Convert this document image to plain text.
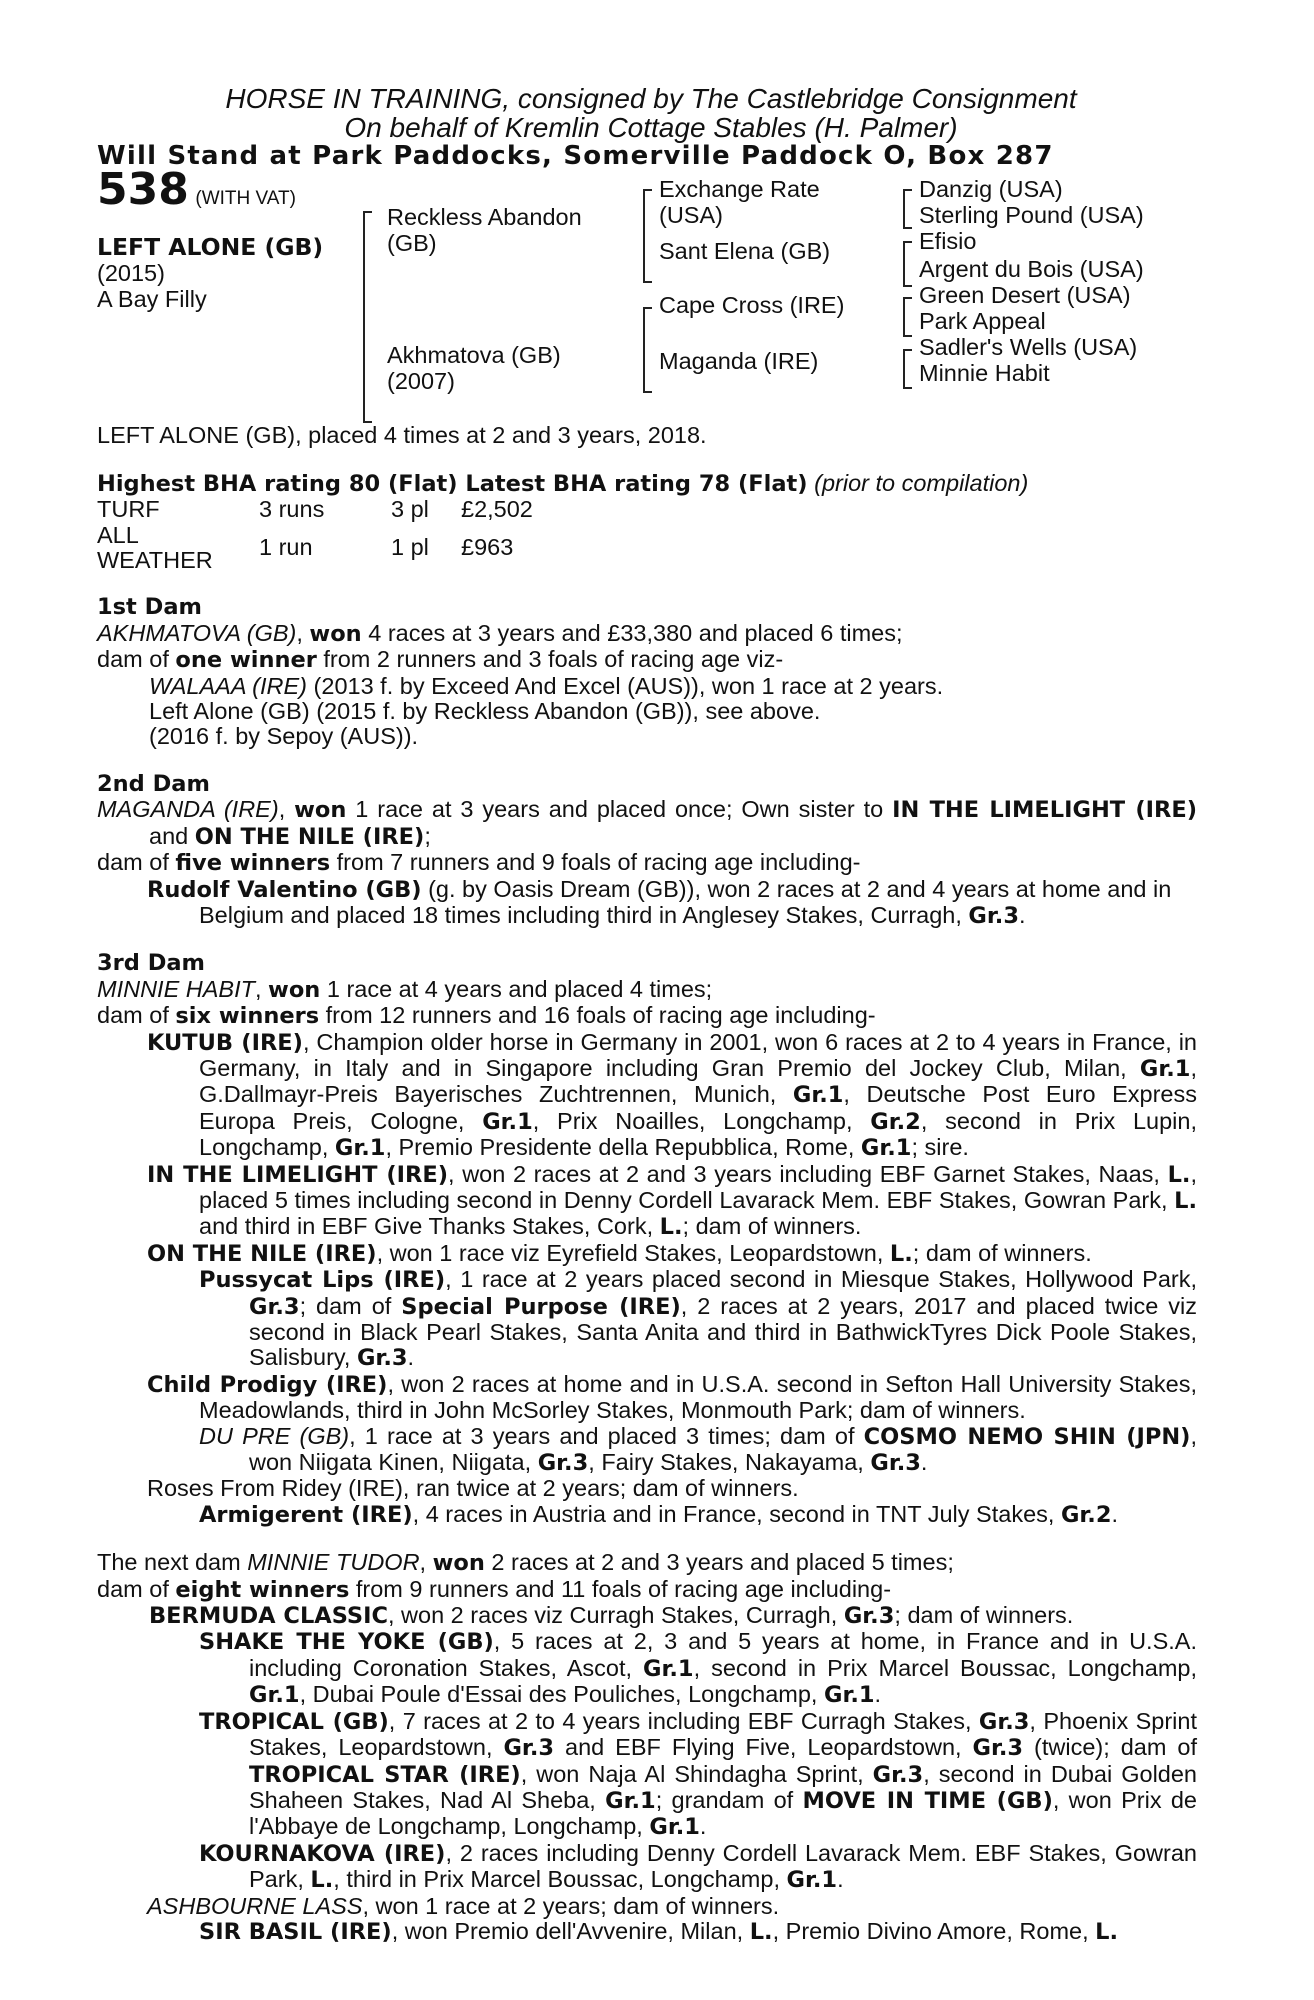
HORSE IN TRAINING, consigned by The Castlebridge Consignment
On behalf of Kremlin Cottage Stables (H. Palmer)
Will Stand at Park Paddocks, Somerville Paddock O, Box 287
538 (WITH VAT)
LEFT ALONE (GB)
(2015)
A Bay Filly
Reckless Abandon
(GB)
Akhmatova (GB)
(2007)
Exchange Rate
(USA)
Sant Elena (GB)
Cape Cross (IRE)
Maganda (IRE)
Danzig (USA)
Sterling Pound (USA)
Efisio
Argent du Bois (USA)
Green Desert (USA)
Park Appeal
Sadler's Wells (USA)
Minnie Habit
LEFT ALONE (GB), placed 4 times at 2 and 3 years, 2018.
Highest BHA rating 80 (Flat) Latest BHA rating 78 (Flat) (prior to compilation)
TURF	3 runs	3 pl	£2,502
ALL WEATHER	1 run	1 pl	£963
1st Dam
AKHMATOVA (GB), won 4 races at 3 years and £33,380 and placed 6 times;
dam of one winner from 2 runners and 3 foals of racing age viz-
WALAAA (IRE) (2013 f. by Exceed And Excel (AUS)), won 1 race at 2 years.
Left Alone (GB) (2015 f. by Reckless Abandon (GB)), see above.
(2016 f. by Sepoy (AUS)).
2nd Dam
MAGANDA (IRE), won 1 race at 3 years and placed once; Own sister to IN THE LIMELIGHT (IRE) and ON THE NILE (IRE);
dam of five winners from 7 runners and 9 foals of racing age including-
Rudolf Valentino (GB) (g. by Oasis Dream (GB)), won 2 races at 2 and 4 years at home and in Belgium and placed 18 times including third in Anglesey Stakes, Curragh, Gr.3.
3rd Dam
MINNIE HABIT, won 1 race at 4 years and placed 4 times;
dam of six winners from 12 runners and 16 foals of racing age including-
KUTUB (IRE), Champion older horse in Germany in 2001, won 6 races at 2 to 4 years in France, in Germany, in Italy and in Singapore including Gran Premio del Jockey Club, Milan, Gr.1, G.Dallmayr-Preis Bayerisches Zuchtrennen, Munich, Gr.1, Deutsche Post Euro Express Europa Preis, Cologne, Gr.1, Prix Noailles, Longchamp, Gr.2, second in Prix Lupin, Longchamp, Gr.1, Premio Presidente della Repubblica, Rome, Gr.1; sire.
IN THE LIMELIGHT (IRE), won 2 races at 2 and 3 years including EBF Garnet Stakes, Naas, L., placed 5 times including second in Denny Cordell Lavarack Mem. EBF Stakes, Gowran Park, L. and third in EBF Give Thanks Stakes, Cork, L.; dam of winners.
ON THE NILE (IRE), won 1 race viz Eyrefield Stakes, Leopardstown, L.; dam of winners.
Pussycat Lips (IRE), 1 race at 2 years placed second in Miesque Stakes, Hollywood Park, Gr.3; dam of Special Purpose (IRE), 2 races at 2 years, 2017 and placed twice viz second in Black Pearl Stakes, Santa Anita and third in BathwickTyres Dick Poole Stakes, Salisbury, Gr.3.
Child Prodigy (IRE), won 2 races at home and in U.S.A. second in Sefton Hall University Stakes, Meadowlands, third in John McSorley Stakes, Monmouth Park; dam of winners.
DU PRE (GB), 1 race at 3 years and placed 3 times; dam of COSMO NEMO SHIN (JPN), won Niigata Kinen, Niigata, Gr.3, Fairy Stakes, Nakayama, Gr.3.
Roses From Ridey (IRE), ran twice at 2 years; dam of winners.
Armigerent (IRE), 4 races in Austria and in France, second in TNT July Stakes, Gr.2.
The next dam MINNIE TUDOR, won 2 races at 2 and 3 years and placed 5 times;
dam of eight winners from 9 runners and 11 foals of racing age including-
BERMUDA CLASSIC, won 2 races viz Curragh Stakes, Curragh, Gr.3; dam of winners.
SHAKE THE YOKE (GB), 5 races at 2, 3 and 5 years at home, in France and in U.S.A. including Coronation Stakes, Ascot, Gr.1, second in Prix Marcel Boussac, Longchamp, Gr.1, Dubai Poule d'Essai des Pouliches, Longchamp, Gr.1.
TROPICAL (GB), 7 races at 2 to 4 years including EBF Curragh Stakes, Gr.3, Phoenix Sprint Stakes, Leopardstown, Gr.3 and EBF Flying Five, Leopardstown, Gr.3 (twice); dam of TROPICAL STAR (IRE), won Naja Al Shindagha Sprint, Gr.3, second in Dubai Golden Shaheen Stakes, Nad Al Sheba, Gr.1; grandam of MOVE IN TIME (GB), won Prix de l'Abbaye de Longchamp, Longchamp, Gr.1.
KOURNAKOVA (IRE), 2 races including Denny Cordell Lavarack Mem. EBF Stakes, Gowran Park, L., third in Prix Marcel Boussac, Longchamp, Gr.1.
ASHBOURNE LASS, won 1 race at 2 years; dam of winners.
SIR BASIL (IRE), won Premio dell'Avvenire, Milan, L., Premio Divino Amore, Rome, L.
